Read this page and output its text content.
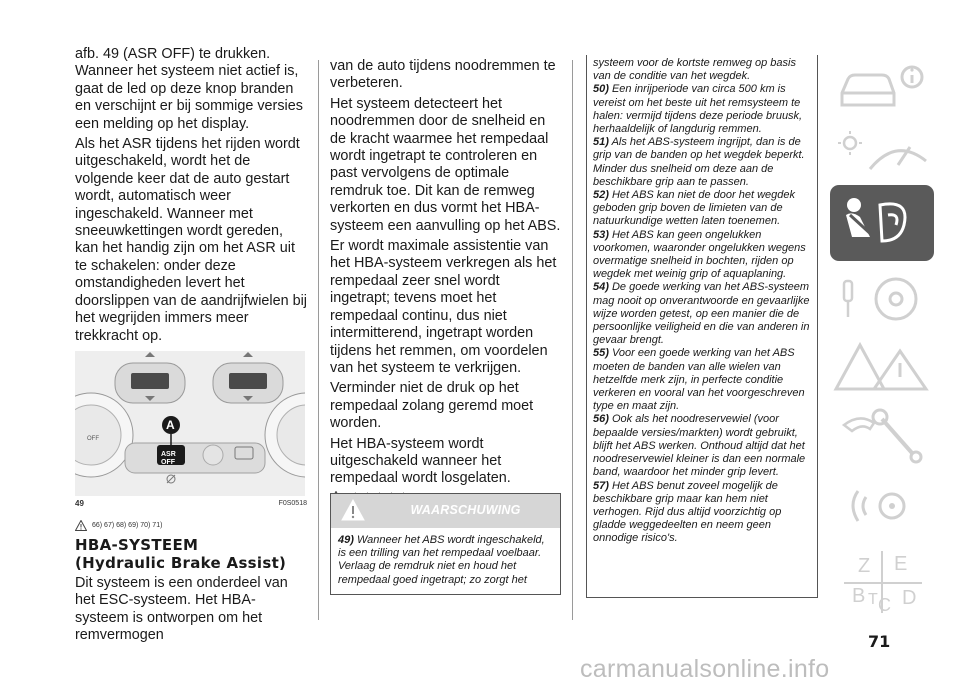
afb. 49 (ASR OFF) te drukken. Wanneer het systeem niet actief is, gaat de led op deze knop branden en verschijnt er bij sommige versies een melding op het display.

Als het ASR tijdens het rijden wordt uitgeschakeld, wordt het de volgende keer dat de auto gestart wordt, automatisch weer ingeschakeld. Wanneer met sneeuwkettingen wordt gereden, kan het handig zijn om het ASR uit te schakelen: onder deze omstandigheden levert het doorslippen van de aandrijfwielen bij het wegrijden immers meer trekkracht op.

A
ASR
OFF
OFF
49	F0S0518
66) 67) 68) 69) 70) 71)
HBA-SYSTEEM
(Hydraulic Brake Assist)

Dit systeem is een onderdeel van het ESC-systeem. Het HBA-systeem is ontworpen om het remvermogen

van de auto tijdens noodremmen te verbeteren.

Het systeem detecteert het noodremmen door de snelheid en de kracht waarmee het rempedaal wordt ingetrapt te controleren en past vervolgens de optimale remdruk toe. Dit kan de remweg verkorten en dus vormt het HBA-systeem een aanvulling op het ABS.

Er wordt maximale assistentie van het HBA-systeem verkregen als het rempedaal zeer snel wordt ingetrapt; tevens moet het rempedaal continu, dus niet intermitterend, ingetrapt worden tijdens het remmen, om voordelen van het systeem te verkrijgen.

Verminder niet de druk op het rempedaal zolang geremd moet worden.

Het HBA-systeem wordt uitgeschakeld wanneer het rempedaal wordt losgelaten.

WAARSCHUWING
49) Wanneer het ABS wordt ingeschakeld, is een trilling van het rempedaal voelbaar. Verlaag de remdruk niet en houd het rempedaal goed ingetrapt; zo zorgt het
systeem voor de kortste remweg op basis van de conditie van het wegdek.
50) Een inrijperiode van circa 500 km is vereist om het beste uit het remsysteem te halen: vermijd tijdens deze periode bruusk, herhaaldelijk of langdurig remmen.
51) Als het ABS-systeem ingrijpt, dan is de grip van de banden op het wegdek beperkt. Minder dus snelheid om deze aan de beschikbare grip aan te passen.
52) Het ABS kan niet de door het wegdek geboden grip boven de limieten van de natuurkundige wetten laten toenemen.
53) Het ABS kan geen ongelukken voorkomen, waaronder ongelukken wegens overmatige snelheid in bochten, rijden op wegdek met weinig grip of aquaplaning.
54) De goede werking van het ABS-systeem mag nooit op onverantwoorde en gevaarlijke wijze worden getest, op een manier die de persoonlijke veiligheid en die van anderen in gevaar brengt.
55) Voor een goede werking van het ABS moeten de banden van alle wielen van hetzelfde merk zijn, in perfecte conditie verkeren en vooral van het voorgeschreven type en maat zijn.
56) Ook als het noodreservewiel (voor bepaalde versies/markten) wordt gebruikt, blijft het ABS werken. Onthoud altijd dat het noodreservewiel kleiner is dan een normale band, waardoor het minder grip levert.
57) Het ABS benut zoveel mogelijk de beschikbare grip maar kan hem niet verhogen. Rijd dus altijd voorzichtig op gladde weggedeelten en neem geen onnodige risico's.
Z E
B C
T D
71
carmanualsonline.info
